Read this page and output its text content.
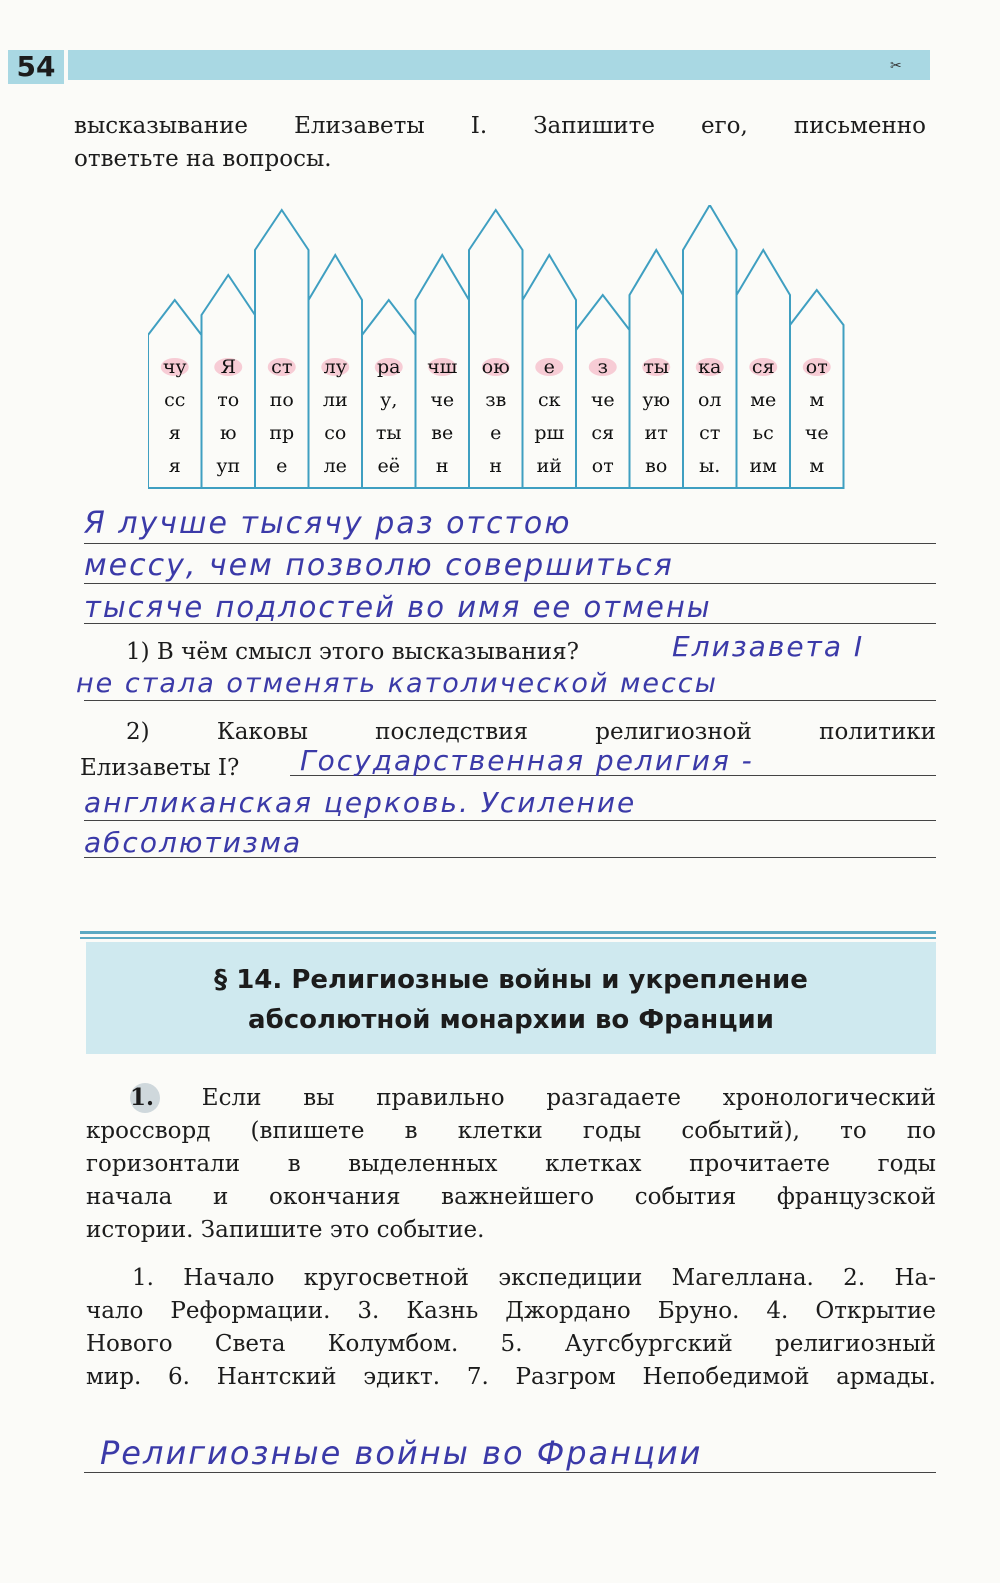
54	✂
высказывание Елизаветы I. Запишите его, письменно
ответьте на вопросы.
чу
сс
я
я
Я
то
ю
уп
ст
по
пр
е
лу
ли
со
ле
ра
у,
ты
её
чш
че
ве
н
ою
зв
е
н
е
ск
рш
ий
з
че
ся
от
ты
ую
ит
во
ка
ол
ст
ы.
ся
ме
ьс
им
от
м
че
м
Я лучше тысячу раз отстою
мессу, чем позволю совершиться
тысяче подлостей во имя ее отмены
1) В чём смысл этого высказывания?	Елизавета I
не стала отменять католической мессы
2) Каковы последствия религиозной политики
Елизаветы I?	Государственная религия -
англиканская церковь. Усиление
абсолютизма
§ 14. Религиозные войны и укрепление
абсолютной монархии во Франции
1. Если вы правильно разгадаете хронологический
кроссворд (впишете в клетки годы событий), то по
горизонтали в выделенных клетках прочитаете годы
начала и окончания важнейшего события французской
истории. Запишите это событие.
1. Начало кругосветной экспедиции Магеллана. 2. На-
чало Реформации. 3. Казнь Джордано Бруно. 4. Открытие
Нового Света Колумбом. 5. Аугсбургский религиозный
мир. 6. Нантский эдикт. 7. Разгром Непобедимой армады.
Религиозные войны во Франции
